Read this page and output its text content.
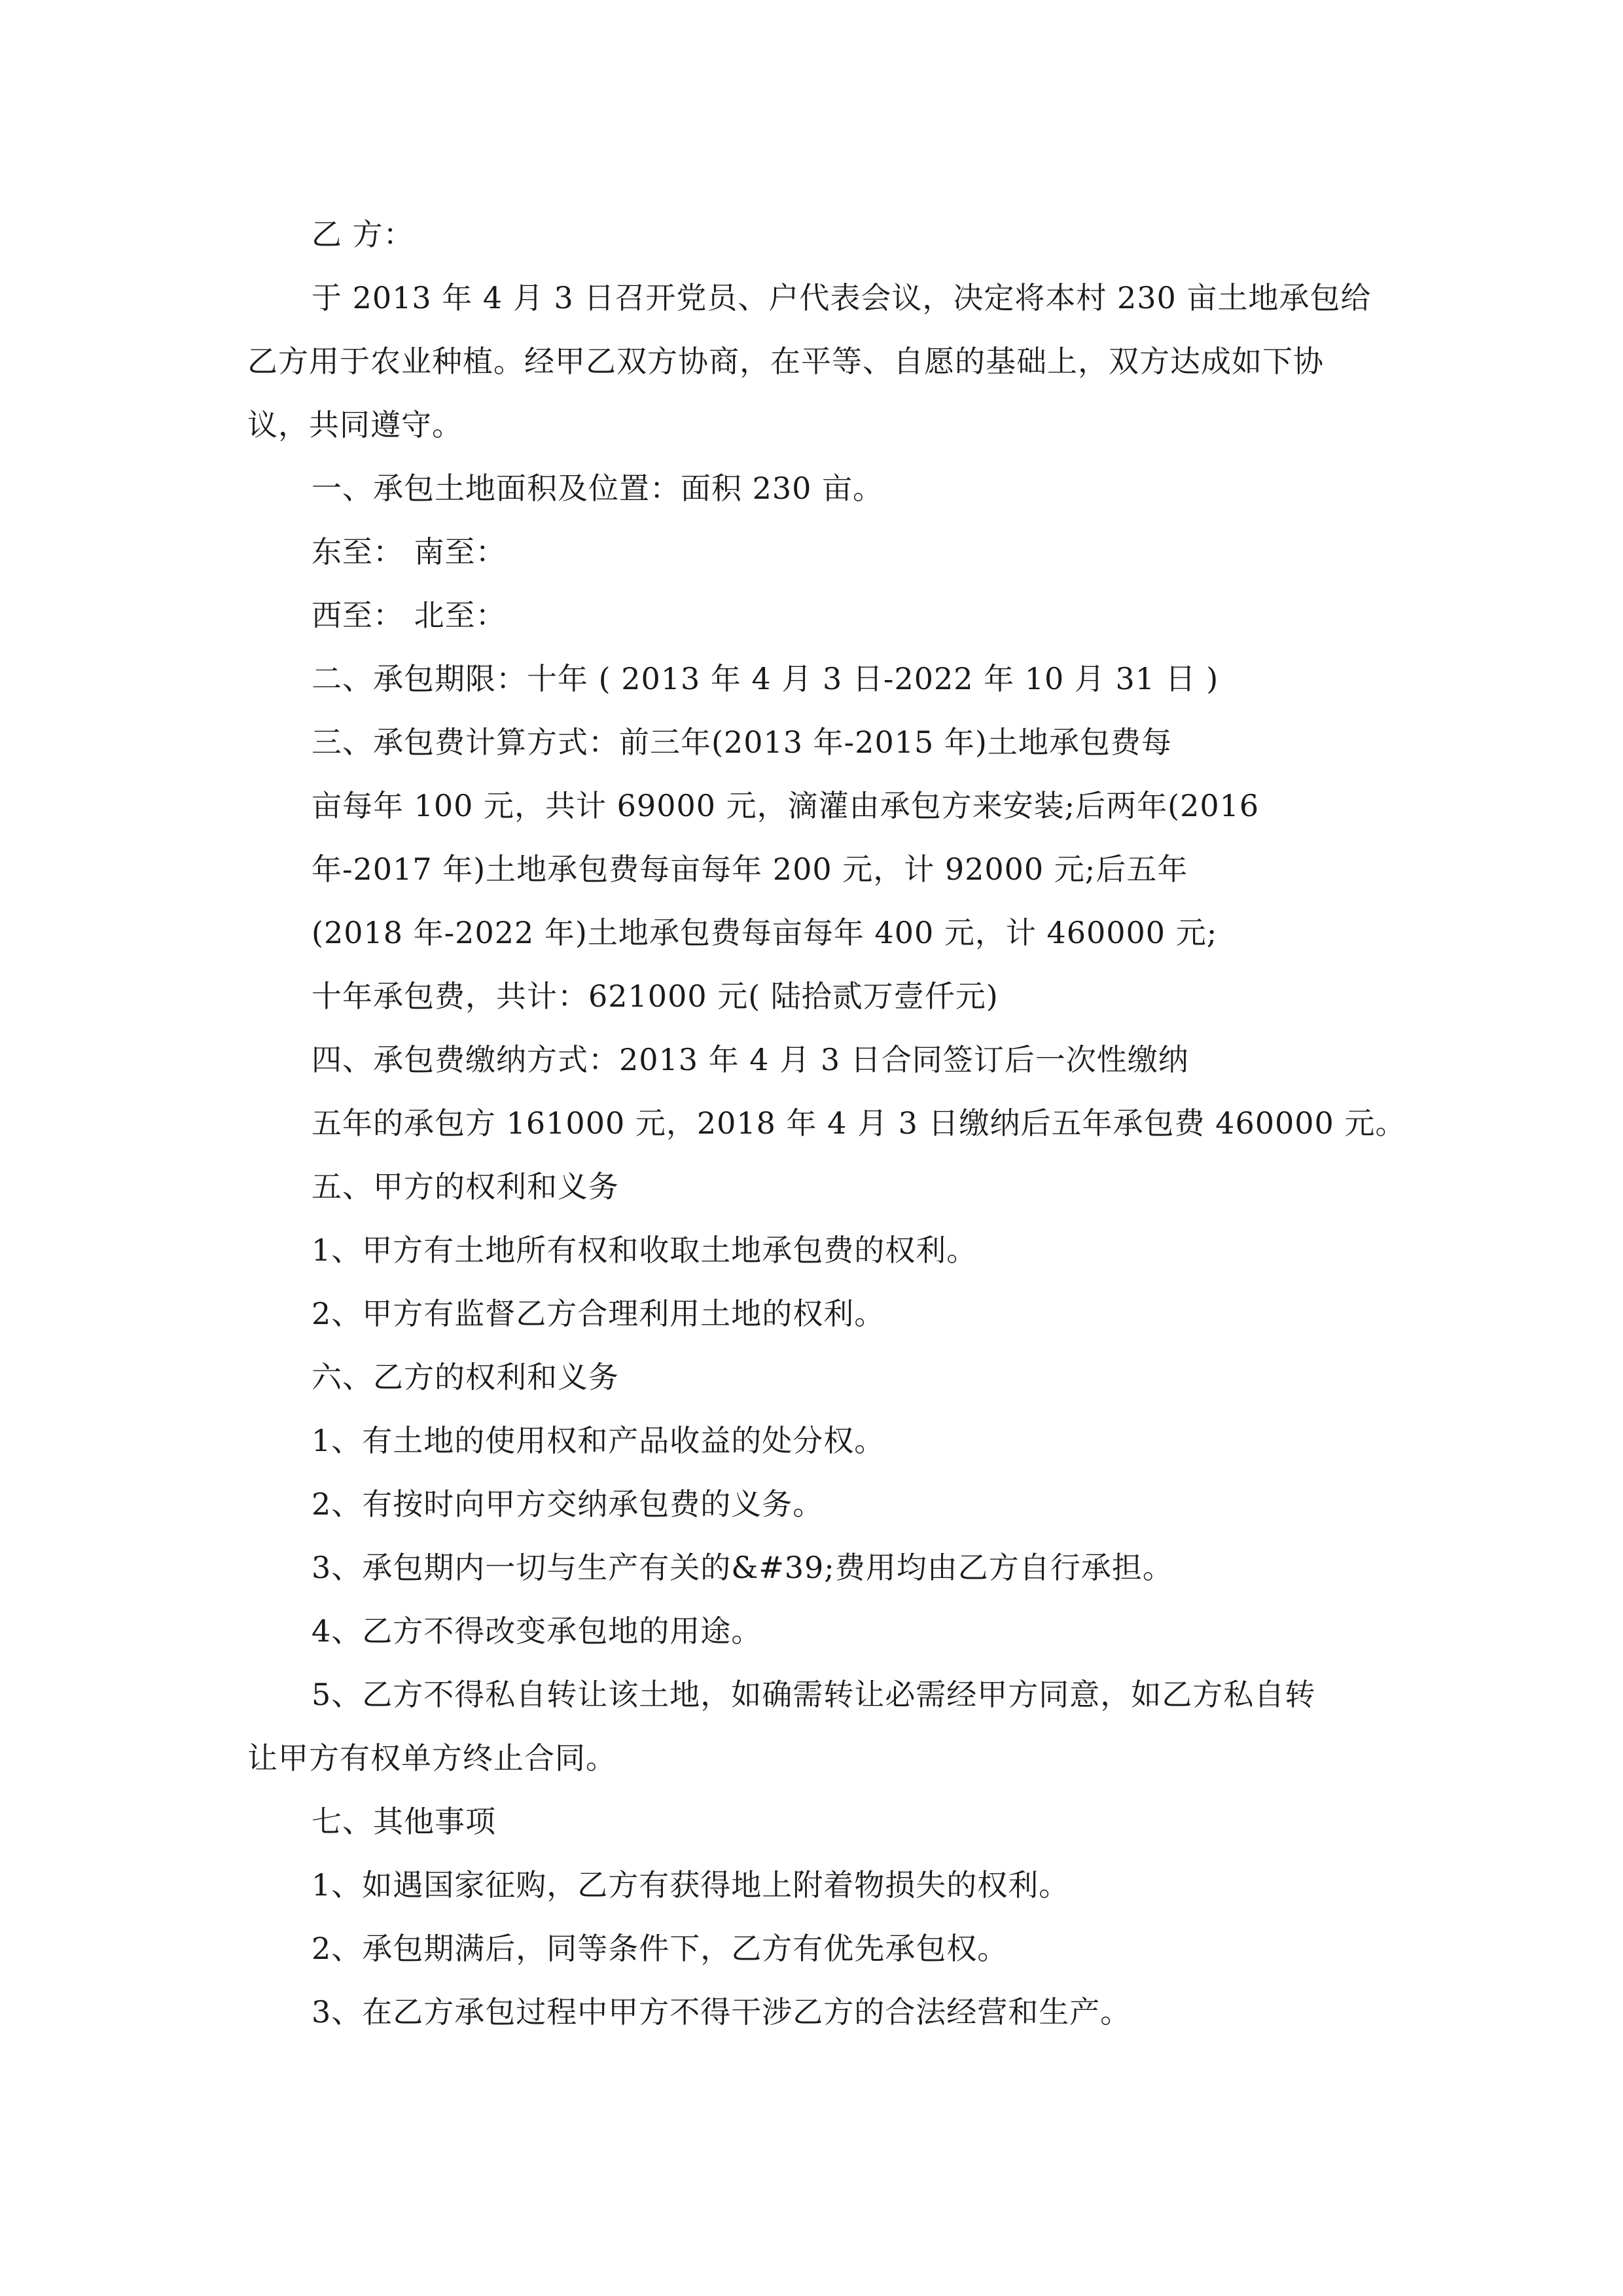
乙 方：
于 2013 年 4 月 3 日召开党员、户代表会议，决定将本村 230 亩土地承包给
乙方用于农业种植。经甲乙双方协商，在平等、自愿的基础上，双方达成如下协
议，共同遵守。
一、承包土地面积及位置：面积 230 亩。
东至： 南至：
西至： 北至：
二、承包期限：十年 ( 2013 年 4 月 3 日-2022 年 10 月 31 日 )
三、承包费计算方式：前三年(2013 年-2015 年)土地承包费每
亩每年 100 元，共计 69000 元，滴灌由承包方来安装;后两年(2016
年-2017 年)土地承包费每亩每年 200 元，计 92000 元;后五年
(2018 年-2022 年)土地承包费每亩每年 400 元，计 460000 元;
十年承包费，共计：621000 元( 陆拾贰万壹仟元)
四、承包费缴纳方式：2013 年 4 月 3 日合同签订后一次性缴纳
五年的承包方 161000 元，2018 年 4 月 3 日缴纳后五年承包费 460000 元。
五、甲方的权利和义务
1、甲方有土地所有权和收取土地承包费的权利。
2、甲方有监督乙方合理利用土地的权利。
六、乙方的权利和义务
1、有土地的使用权和产品收益的处分权。
2、有按时向甲方交纳承包费的义务。
3、承包期内一切与生产有关的&#39;费用均由乙方自行承担。
4、乙方不得改变承包地的用途。
5、乙方不得私自转让该土地，如确需转让必需经甲方同意，如乙方私自转
让甲方有权单方终止合同。
七、其他事项
1、如遇国家征购，乙方有获得地上附着物损失的权利。
2、承包期满后，同等条件下，乙方有优先承包权。
3、在乙方承包过程中甲方不得干涉乙方的合法经营和生产。
